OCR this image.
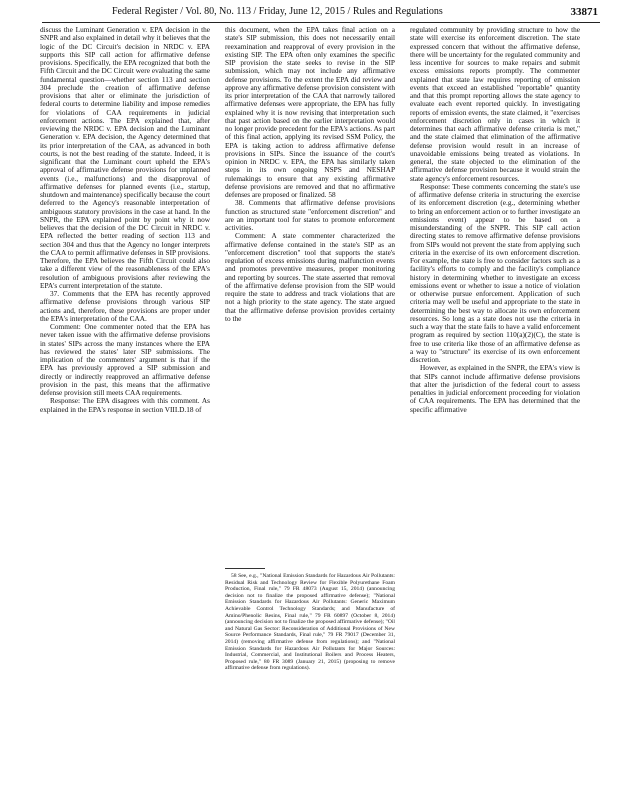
Federal Register / Vol. 80, No. 113 / Friday, June 12, 2015 / Rules and Regulations	33871

discuss the Luminant Generation v. EPA decision in the SNPR and also explained in detail why it believes that the logic of the DC Circuit's decision in NRDC v. EPA supports this SIP call action for affirmative defense provisions. Specifically, the EPA recognized that both the Fifth Circuit and the DC Circuit were evaluating the same fundamental question—whether section 113 and section 304 preclude the creation of affirmative defense provisions that alter or eliminate the jurisdiction of federal courts to determine liability and impose remedies for violations of CAA requirements in judicial enforcement actions. The EPA explained that, after reviewing the NRDC v. EPA decision and the Luminant Generation v. EPA decision, the Agency determined that its prior interpretation of the CAA, as advanced in both courts, is not the best reading of the statute. Indeed, it is significant that the Luminant court upheld the EPA's approval of affirmative defense provisions for unplanned events (i.e., malfunctions) and the disapproval of affirmative defenses for planned events (i.e., startup, shutdown and maintenance) specifically because the court deferred to the Agency's reasonable interpretation of ambiguous statutory provisions in the case at hand. In the SNPR, the EPA explained point by point why it now believes that the decision of the DC Circuit in NRDC v. EPA reflected the better reading of section 113 and section 304 and thus that the Agency no longer interprets the CAA to permit affirmative defenses in SIP provisions. Therefore, the EPA believes the Fifth Circuit could also take a different view of the reasonableness of the EPA's resolution of ambiguous provisions after reviewing the EPA's current interpretation of the statute.

37. Comments that the EPA has recently approved affirmative defense provisions through various SIP actions and, therefore, these provisions are proper under the EPA's interpretation of the CAA.

Comment: One commenter noted that the EPA has never taken issue with the affirmative defense provisions in states' SIPs across the many instances where the EPA has reviewed the states' later SIP submissions. The implication of the commenters' argument is that if the EPA has previously approved a SIP submission and directly or indirectly reapproved an affirmative defense provision in the past, this means that the affirmative defense provision still meets CAA requirements.

Response: The EPA disagrees with this comment. As explained in the EPA's response in section VIII.D.18 of

this document, when the EPA takes final action on a state's SIP submission, this does not necessarily entail reexamination and reapproval of every provision in the existing SIP. The EPA often only examines the specific SIP provision the state seeks to revise in the SIP submission, which may not include any affirmative defense provisions. To the extent the EPA did review and approve any affirmative defense provision consistent with its prior interpretation of the CAA that narrowly tailored affirmative defenses were appropriate, the EPA has fully explained why it is now revising that interpretation such that past action based on the earlier interpretation would no longer provide precedent for the EPA's actions. As part of this final action, applying its revised SSM Policy, the EPA is taking action to address affirmative defense provisions in SIPs. Since the issuance of the court's opinion in NRDC v. EPA, the EPA has similarly taken steps in its own ongoing NSPS and NESHAP rulemakings to ensure that any existing affirmative defense provisions are removed and that no affirmative defenses are proposed or finalized. 58

38. Comments that affirmative defense provisions function as structured state "enforcement discretion" and are an important tool for states to promote enforcement activities.

Comment: A state commenter characterized the affirmative defense contained in the state's SIP as an "enforcement discretion" tool that supports the state's regulation of excess emissions during malfunction events and promotes preventive measures, proper monitoring and reporting by sources. The state asserted that removal of the affirmative defense provision from the SIP would require the state to address and track violations that are not a high priority to the state agency. The state argued that the affirmative defense provision provides certainty to the

58 See, e.g., "National Emission Standards for Hazardous Air Pollutants: Residual Risk and Technology Review for Flexible Polyurethane Foam Production, Final rule," 79 FR 48073 (August 15, 2014) (announcing decision not to finalize the proposed affirmative defense); "National Emission Standards for Hazardous Air Pollutants: Generic Maximum Achievable Control Technology Standards; and Manufacture of Amino/Phenolic Resins, Final rule," 79 FR 60897 (October 8, 2014) (announcing decision not to finalize the proposed affirmative defense); "Oil and Natural Gas Sector: Reconsideration of Additional Provisions of New Source Performance Standards, Final rule," 79 FR 79017 (December 31, 2014) (removing affirmative defense from regulations); and "National Emission Standards for Hazardous Air Pollutants for Major Sources: Industrial, Commercial, and Institutional Boilers and Process Heaters, Proposed rule," 80 FR 3089 (January 21, 2015) (proposing to remove affirmative defense from regulations).

regulated community by providing structure to how the state will exercise its enforcement discretion. The state expressed concern that without the affirmative defense, there will be uncertainty for the regulated community and less incentive for sources to make repairs and submit excess emissions reports promptly. The commenter explained that state law requires reporting of emission events that exceed an established "reportable" quantity and that this prompt reporting allows the state agency to evaluate each event reported quickly. In investigating reports of emission events, the state claimed, it "exercises enforcement discretion only in cases in which it determines that each affirmative defense criteria is met," and the state claimed that elimination of the affirmative defense provision would result in an increase of unavoidable emissions being treated as violations. In general, the state objected to the elimination of the affirmative defense provision because it would strain the state agency's enforcement resources.

Response: These comments concerning the state's use of affirmative defense criteria in structuring the exercise of its enforcement discretion (e.g., determining whether to bring an enforcement action or to further investigate an emissions event) appear to be based on a misunderstanding of the SNPR. This SIP call action directing states to remove affirmative defense provisions from SIPs would not prevent the state from applying such criteria in the exercise of its own enforcement discretion. For example, the state is free to consider factors such as a facility's efforts to comply and the facility's compliance history in determining whether to investigate an excess emissions event or whether to issue a notice of violation or otherwise pursue enforcement. Application of such criteria may well be useful and appropriate to the state in determining the best way to allocate its own enforcement resources. So long as a state does not use the criteria in such a way that the state fails to have a valid enforcement program as required by section 110(a)(2)(C), the state is free to use criteria like those of an affirmative defense as a way to "structure" its exercise of its own enforcement discretion.

However, as explained in the SNPR, the EPA's view is that SIPs cannot include affirmative defense provisions that alter the jurisdiction of the federal court to assess penalties in judicial enforcement proceeding for violation of CAA requirements. The EPA has determined that the specific affirmative
